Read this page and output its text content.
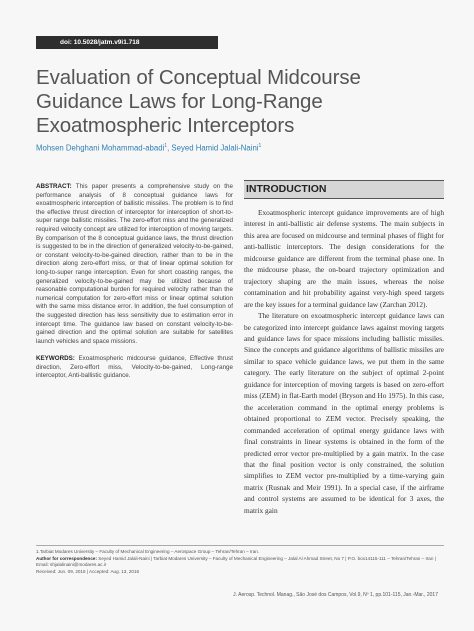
doi: 10.5028/jatm.v9i1.718
Evaluation of Conceptual Midcourse
Guidance Laws for Long-Range
Exoatmospheric Interceptors
Mohsen Dehghani Mohammad-abadi$^1$, Seyed Hamid Jalali-Naini$^1$

ABSTRACT: This paper presents a comprehensive study on the performance analysis of 8 conceptual guidance laws for exoatmospheric interception of ballistic missiles. The problem is to find the effective thrust direction of interceptor for interception of short-to-super range ballistic missiles. The zero-effort miss and the generalized required velocity concept are utilized for interception of moving targets. By comparison of the 8 conceptual guidance laws, the thrust direction is suggested to be in the direction of generalized velocity-to-be-gained, or constant velocity-to-be-gained direction, rather than to be in the direction along zero-effort miss, or that of linear optimal solution for long-to-super range interception. Even for short coasting ranges, the generalized velocity-to-be-gained may be utilized because of reasonable computational burden for required velocity rather than the numerical computation for zero-effort miss or linear optimal solution with the same miss distance error. In addition, the fuel consumption of the suggested direction has less sensitivity due to estimation error in intercept time. The guidance law based on constant velocity-to-be-gained direction and the optimal solution are suitable for satellites launch vehicles and space missions.

KEYWORDS: Exoatmospheric midcourse guidance, Effective thrust direction, Zero-effort miss, Velocity-to-be-gained, Long-range interceptor, Anti-ballistic guidance.

INTRODUCTION

Exoatmospheric intercept guidance improvements are of high interest in anti-ballistic air defense systems. The main subjects in this area are focused on midcourse and terminal phases of flight for anti-ballistic interceptors. The design considerations for the midcourse guidance are different from the terminal phase one. In the midcourse phase, the on-board trajectory optimization and trajectory shaping are the main issues, whereas the noise contamination and hit probability against very-high speed targets are the key issues for a terminal guidance law (Zarchan 2012).

The literature on exoatmospheric intercept guidance laws can be categorized into intercept guidance laws against moving targets and guidance laws for space missions including ballistic missiles. Since the concepts and guidance algorithms of ballistic missiles are similar to space vehicle guidance laws, we put them in the same category. The early literature on the subject of optimal 2-point guidance for interception of moving targets is based on zero-effort miss (ZEM) in flat-Earth model (Bryson and Ho 1975). In this case, the acceleration command in the optimal energy problems is obtained proportional to ZEM vector. Precisely speaking, the commanded acceleration of optimal energy guidance laws with final constraints in linear systems is obtained in the form of the predicted error vector pre-multiplied by a gain matrix. In the case that the final position vector is only constrained, the solution simplifies to ZEM vector pre-multiplied by a time-varying gain matrix (Rusnak and Meir 1991). In a special case, if the airframe and control systems are assumed to be identical for 3 axes, the matrix gain

1.Tarbiat Modares University – Faculty of Mechanical Engineering – Aerospace Group – Tehran/Tehran – Iran.

Author for correspondence: Seyed Hamid Jalali-Naini | Tarbiat Modares University – Faculty of Mechanical Engineering – Jalal Al Ahmad Street, No 7 | P.O. box14115-111 – Tehran/Tehran – Iran | Email: shjalalinaini@modares.ac.ir

Received: Jun. 09, 2016 | Accepted: Aug. 13, 2016

J. Aerosp. Technol. Manag., São José dos Campos, Vol.9, Nº 1, pp.101-115, Jan.-Mar., 2017
